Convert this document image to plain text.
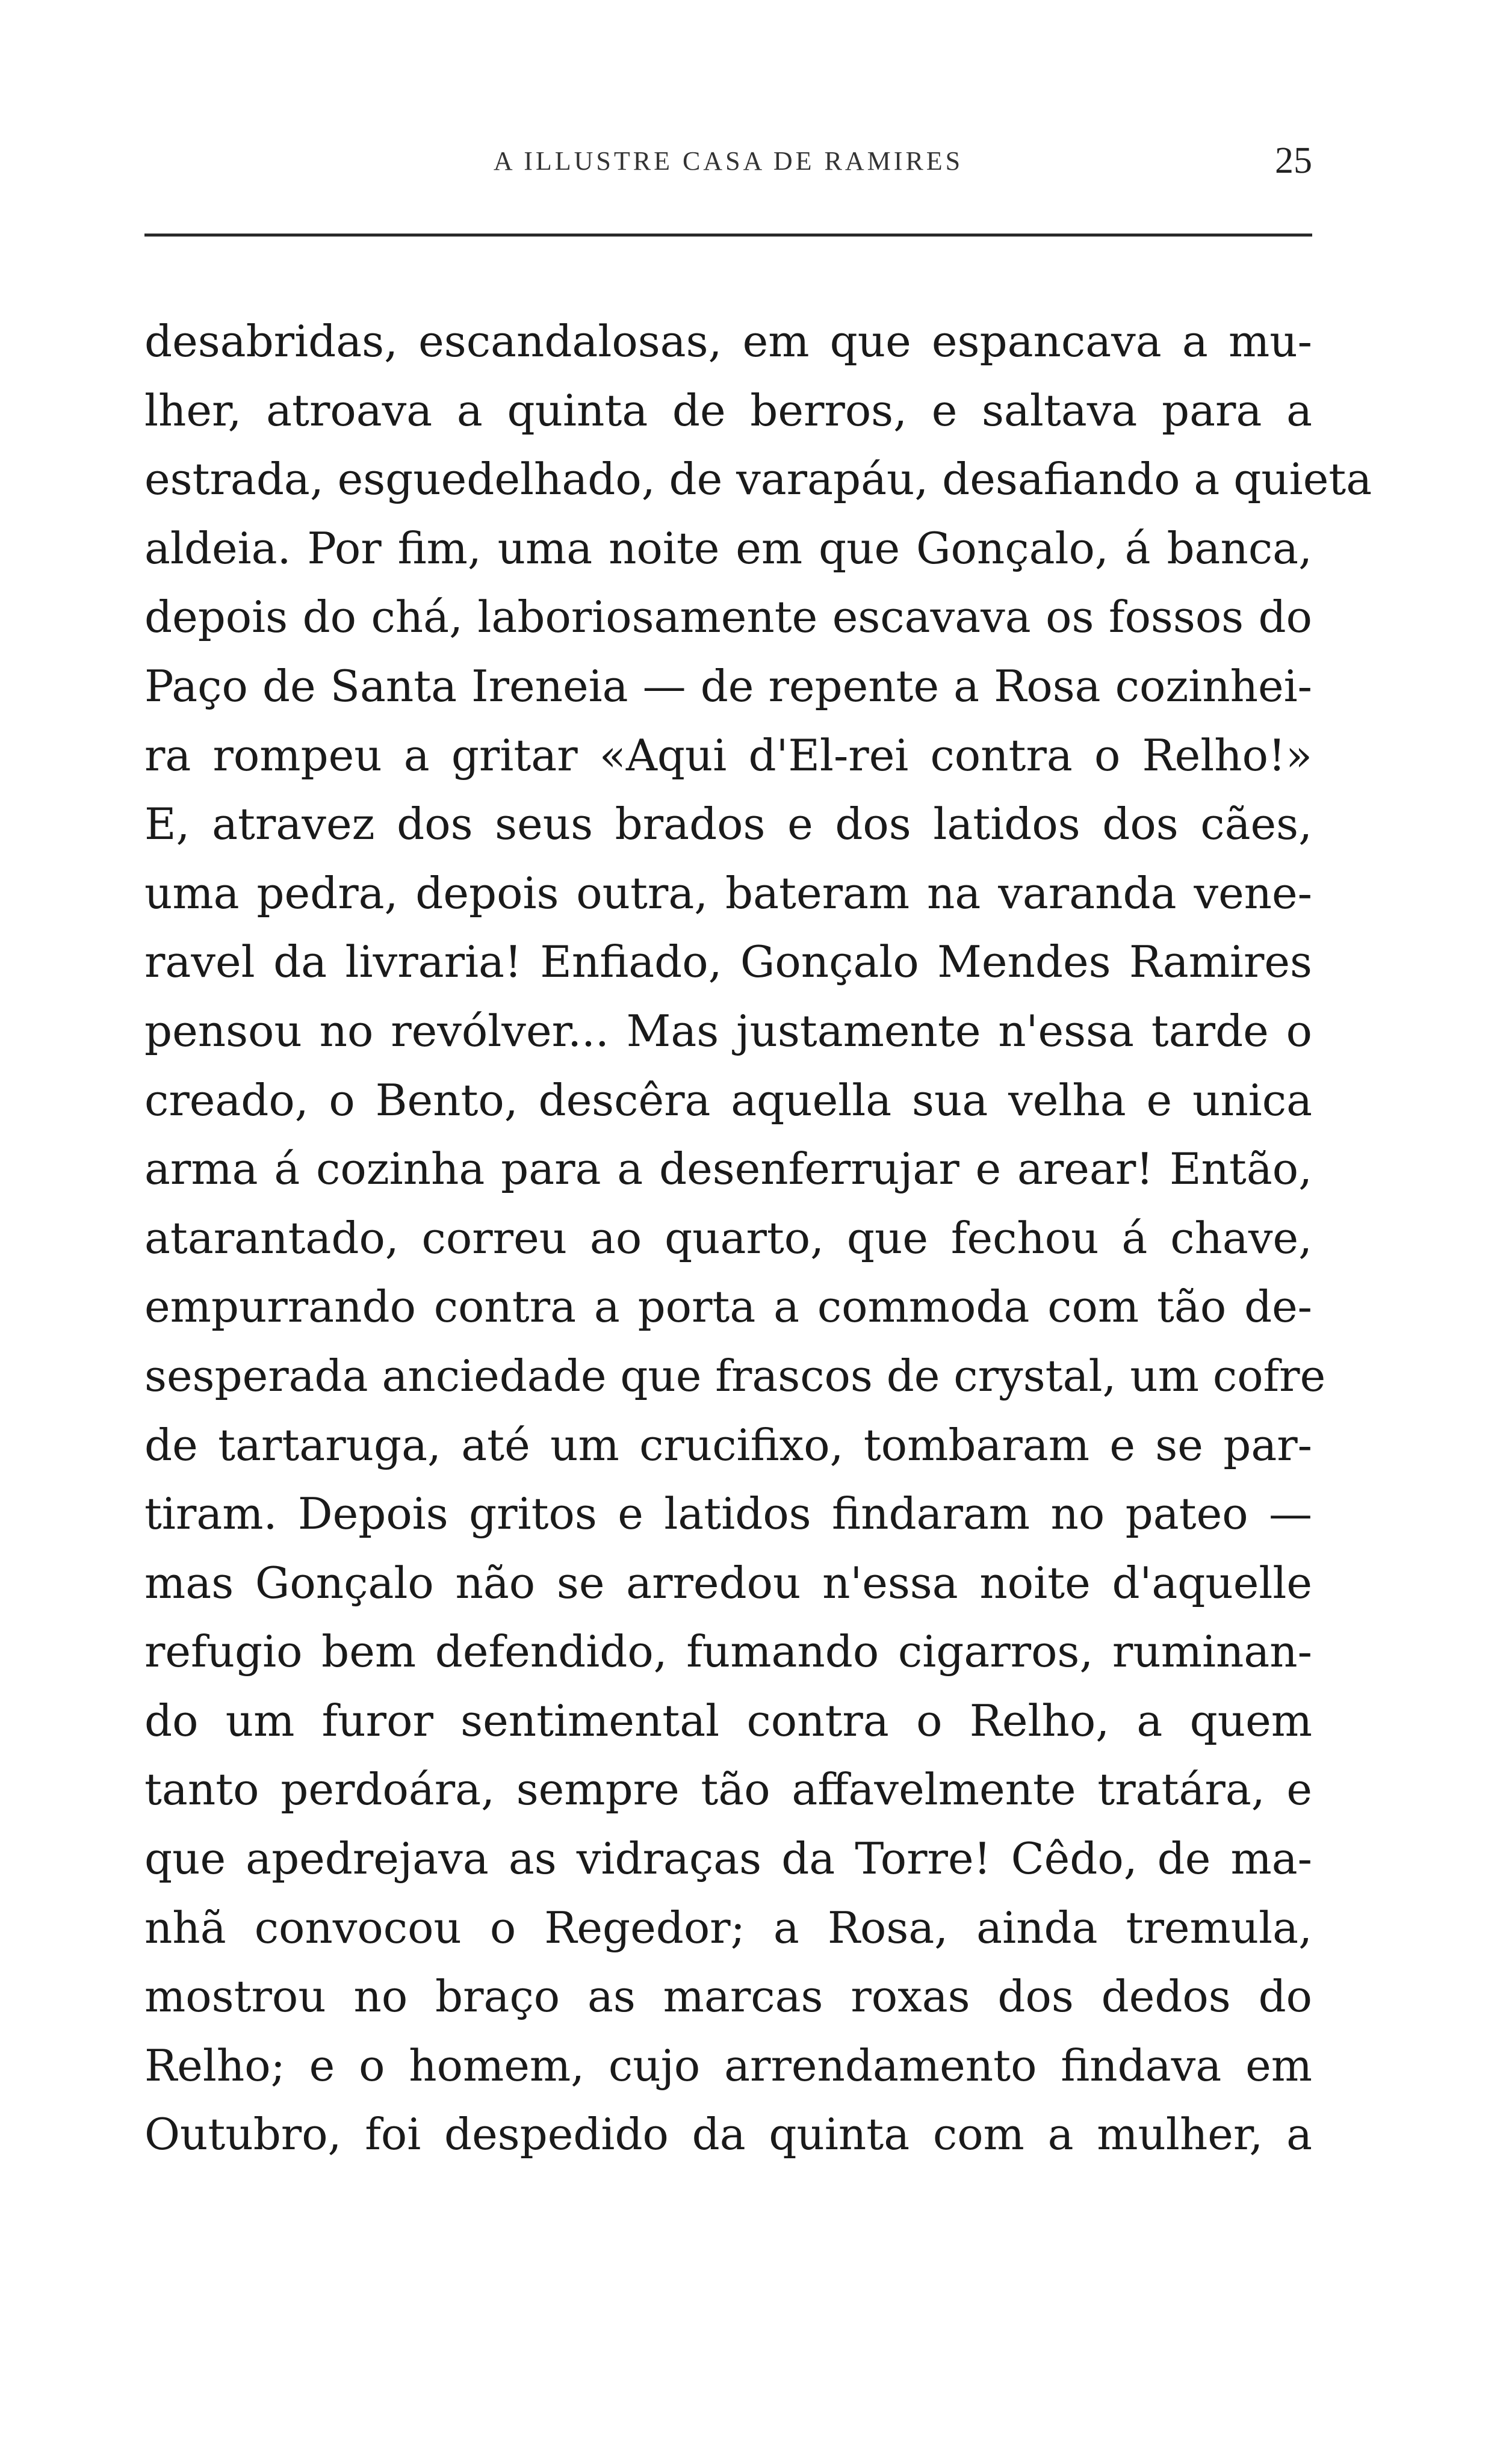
A ILLUSTRE CASA DE RAMIRES	25
desabridas, escandalosas, em que espancava a mu-
lher, atroava a quinta de berros, e saltava para a
estrada, esguedelhado, de varapáu, desafiando a quieta
aldeia. Por fim, uma noite em que Gonçalo, á banca,
depois do chá, laboriosamente escavava os fossos do
Paço de Santa Ireneia — de repente a Rosa cozinhei-
ra rompeu a gritar «Aqui d'El-rei contra o Relho!»
E, atravez dos seus brados e dos latidos dos cães,
uma pedra, depois outra, bateram na varanda vene-
ravel da livraria! Enfiado, Gonçalo Mendes Ramires
pensou no revólver... Mas justamente n'essa tarde o
creado, o Bento, descêra aquella sua velha e unica
arma á cozinha para a desenferrujar e arear! Então,
atarantado, correu ao quarto, que fechou á chave,
empurrando contra a porta a commoda com tão de-
sesperada anciedade que frascos de crystal, um cofre
de tartaruga, até um crucifixo, tombaram e se par-
tiram. Depois gritos e latidos findaram no pateo —
mas Gonçalo não se arredou n'essa noite d'aquelle
refugio bem defendido, fumando cigarros, ruminan-
do um furor sentimental contra o Relho, a quem
tanto perdoára, sempre tão affavelmente tratára, e
que apedrejava as vidraças da Torre! Cêdo, de ma-
nhã convocou o Regedor; a Rosa, ainda tremula,
mostrou no braço as marcas roxas dos dedos do
Relho; e o homem, cujo arrendamento findava em
Outubro, foi despedido da quinta com a mulher, a
